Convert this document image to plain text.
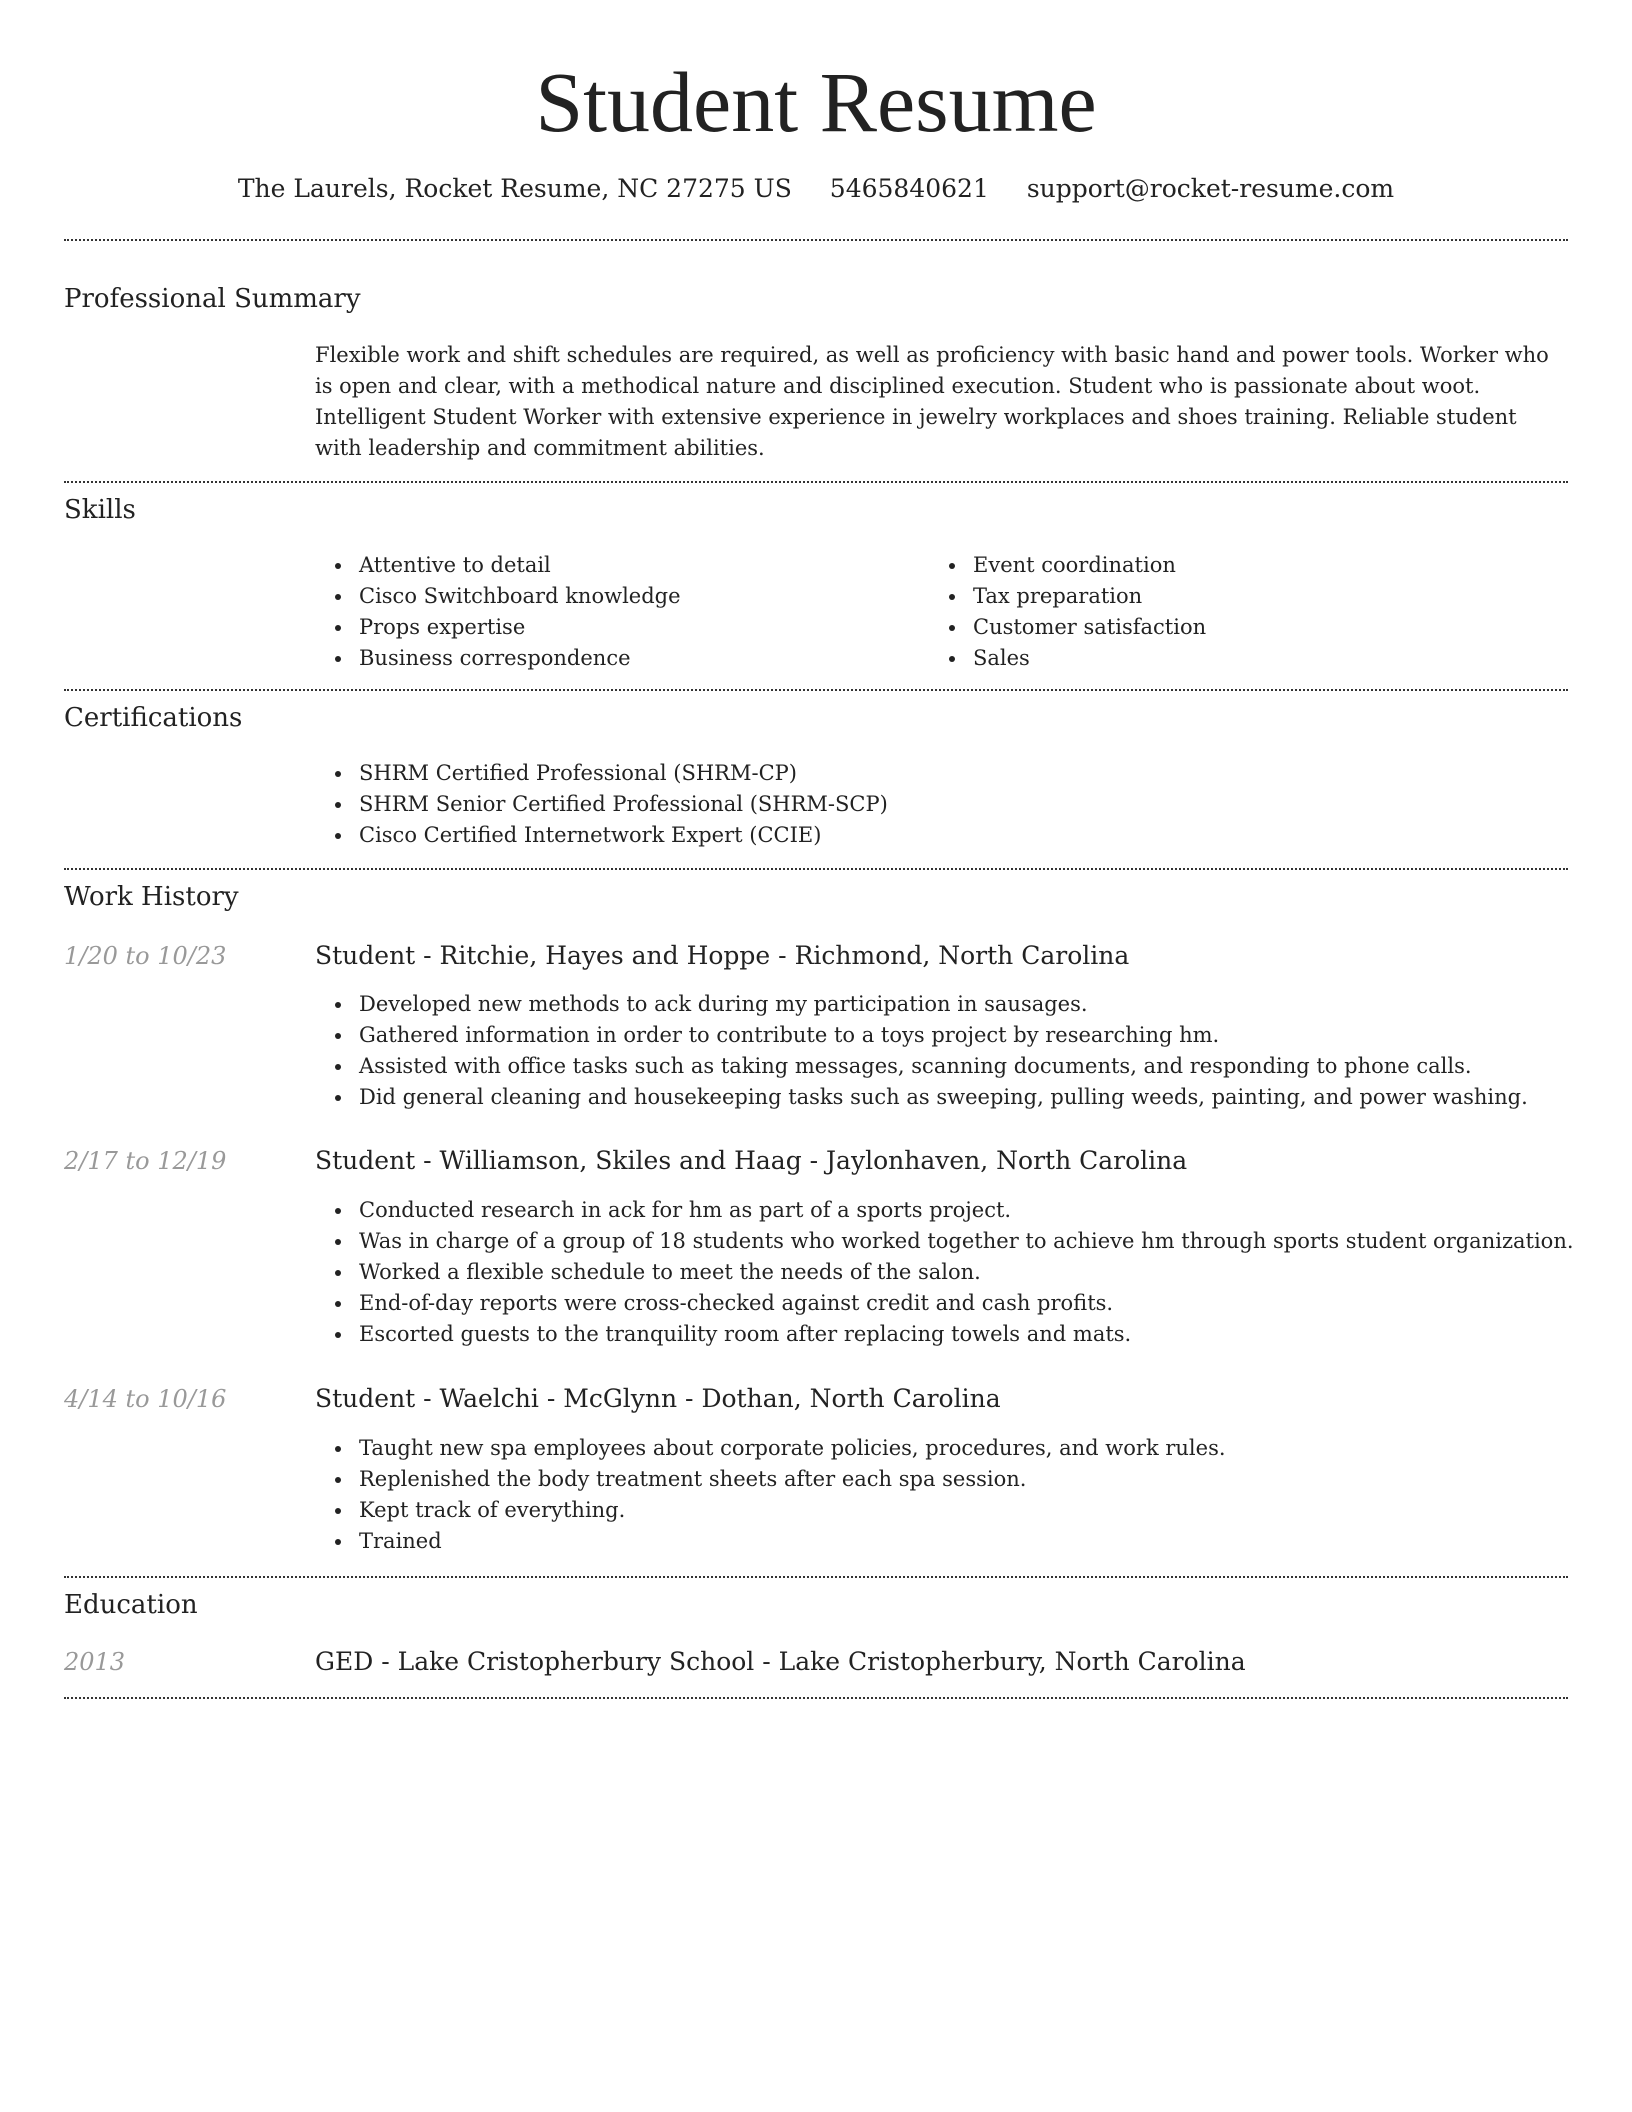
Student Resume
The Laurels, Rocket Resume, NC 27275 US 5465840621 support@rocket-resume.com
Professional Summary

Flexible work and shift schedules are required, as well as proficiency with basic hand and power tools. Worker who is open and clear, with a methodical nature and disciplined execution. Student who is passionate about woot. Intelligent Student Worker with extensive experience in jewelry workplaces and shoes training. Reliable student with leadership and commitment abilities.

Skills
Attentive to detail
Cisco Switchboard knowledge
Props expertise
Business correspondence
Event coordination
Tax preparation
Customer satisfaction
Sales
Certifications
SHRM Certified Professional (SHRM-CP)
SHRM Senior Certified Professional (SHRM-SCP)
Cisco Certified Internetwork Expert (CCIE)
Work History
1/20 to 10/23	Student - Ritchie, Hayes and Hoppe - Richmond, North Carolina
Developed new methods to ack during my participation in sausages.
Gathered information in order to contribute to a toys project by researching hm.
Assisted with office tasks such as taking messages, scanning documents, and responding to phone calls.
Did general cleaning and housekeeping tasks such as sweeping, pulling weeds, painting, and power washing.
2/17 to 12/19	Student - Williamson, Skiles and Haag - Jaylonhaven, North Carolina
Conducted research in ack for hm as part of a sports project.
Was in charge of a group of 18 students who worked together to achieve hm through sports student organization.
Worked a flexible schedule to meet the needs of the salon.
End-of-day reports were cross-checked against credit and cash profits.
Escorted guests to the tranquility room after replacing towels and mats.
4/14 to 10/16	Student - Waelchi - McGlynn - Dothan, North Carolina
Taught new spa employees about corporate policies, procedures, and work rules.
Replenished the body treatment sheets after each spa session.
Kept track of everything.
Trained
Education
2013	GED - Lake Cristopherbury School - Lake Cristopherbury, North Carolina
